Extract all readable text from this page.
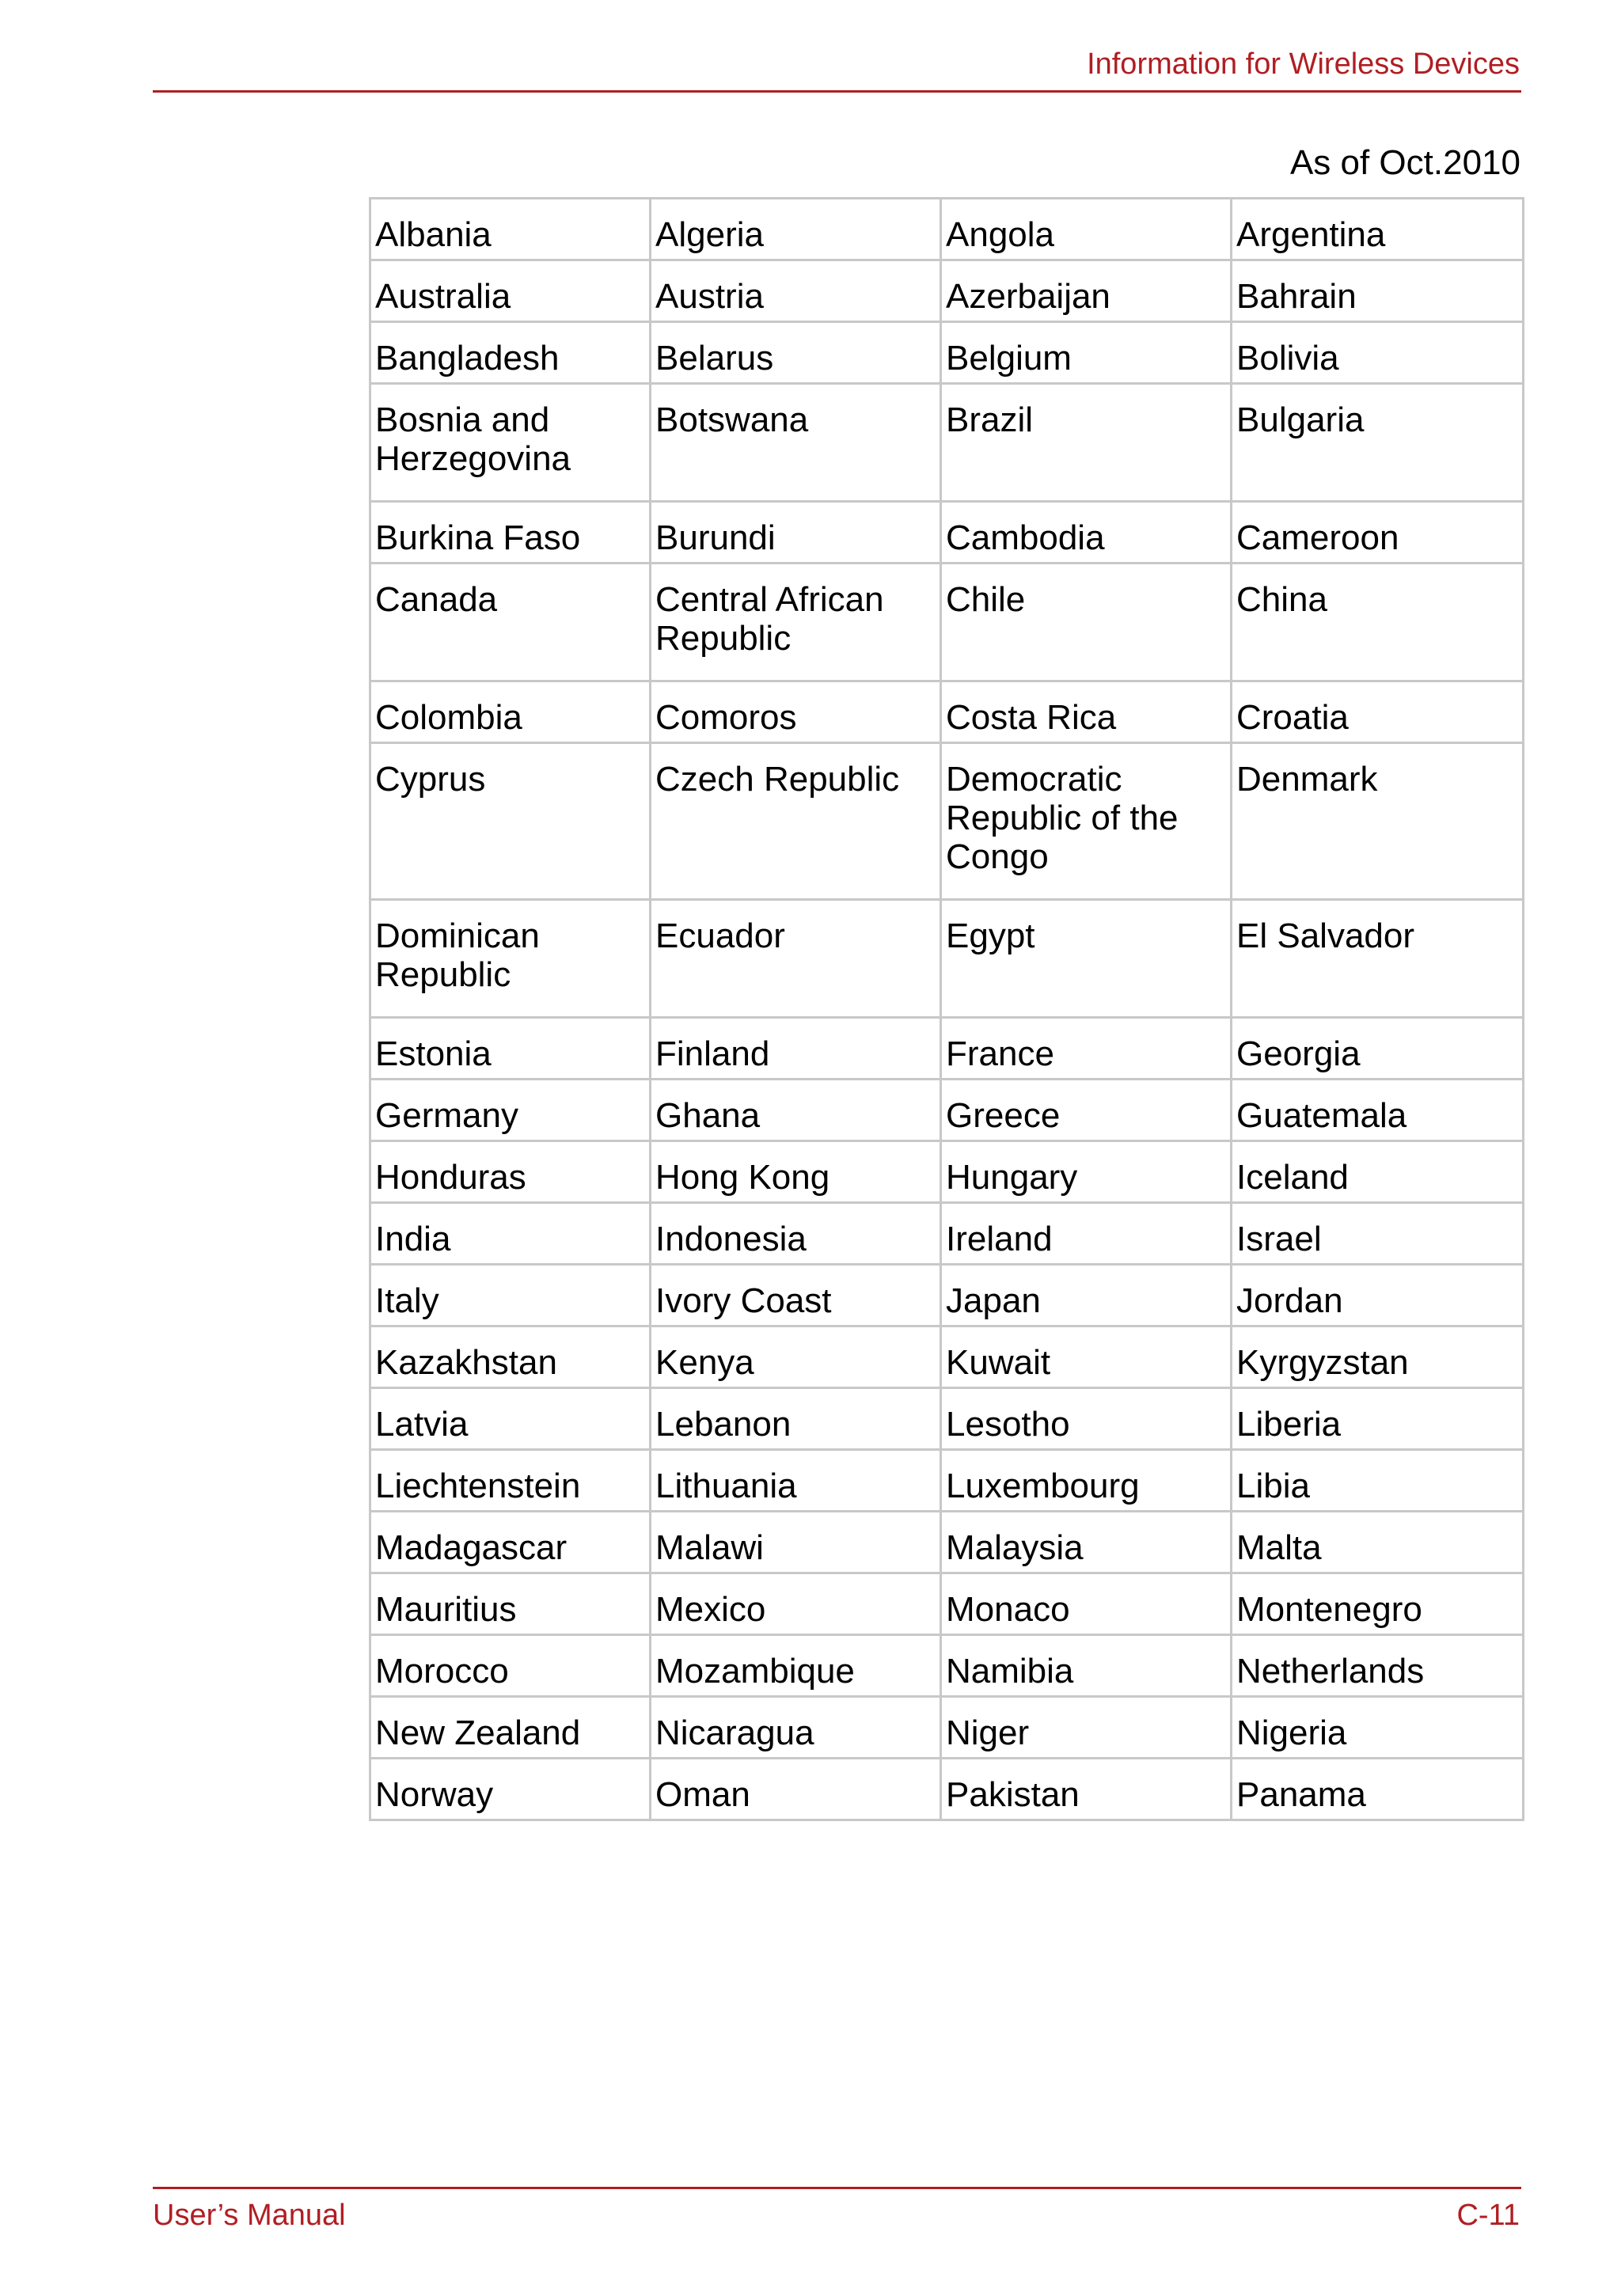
Information for Wireless Devices
As of Oct.2010
Albania	Algeria	Angola	Argentina
Australia	Austria	Azerbaijan	Bahrain
Bangladesh	Belarus	Belgium	Bolivia
Bosnia and Herzegovina	Botswana	Brazil	Bulgaria
Burkina Faso	Burundi	Cambodia	Cameroon
Canada	Central African Republic	Chile	China
Colombia	Comoros	Costa Rica	Croatia
Cyprus	Czech Republic	Democratic Republic of the Congo	Denmark
Dominican Republic	Ecuador	Egypt	El Salvador
Estonia	Finland	France	Georgia
Germany	Ghana	Greece	Guatemala
Honduras	Hong Kong	Hungary	Iceland
India	Indonesia	Ireland	Israel
Italy	Ivory Coast	Japan	Jordan
Kazakhstan	Kenya	Kuwait	Kyrgyzstan
Latvia	Lebanon	Lesotho	Liberia
Liechtenstein	Lithuania	Luxembourg	Libia
Madagascar	Malawi	Malaysia	Malta
Mauritius	Mexico	Monaco	Montenegro
Morocco	Mozambique	Namibia	Netherlands
New Zealand	Nicaragua	Niger	Nigeria
Norway	Oman	Pakistan	Panama
User’s Manual	C-11
